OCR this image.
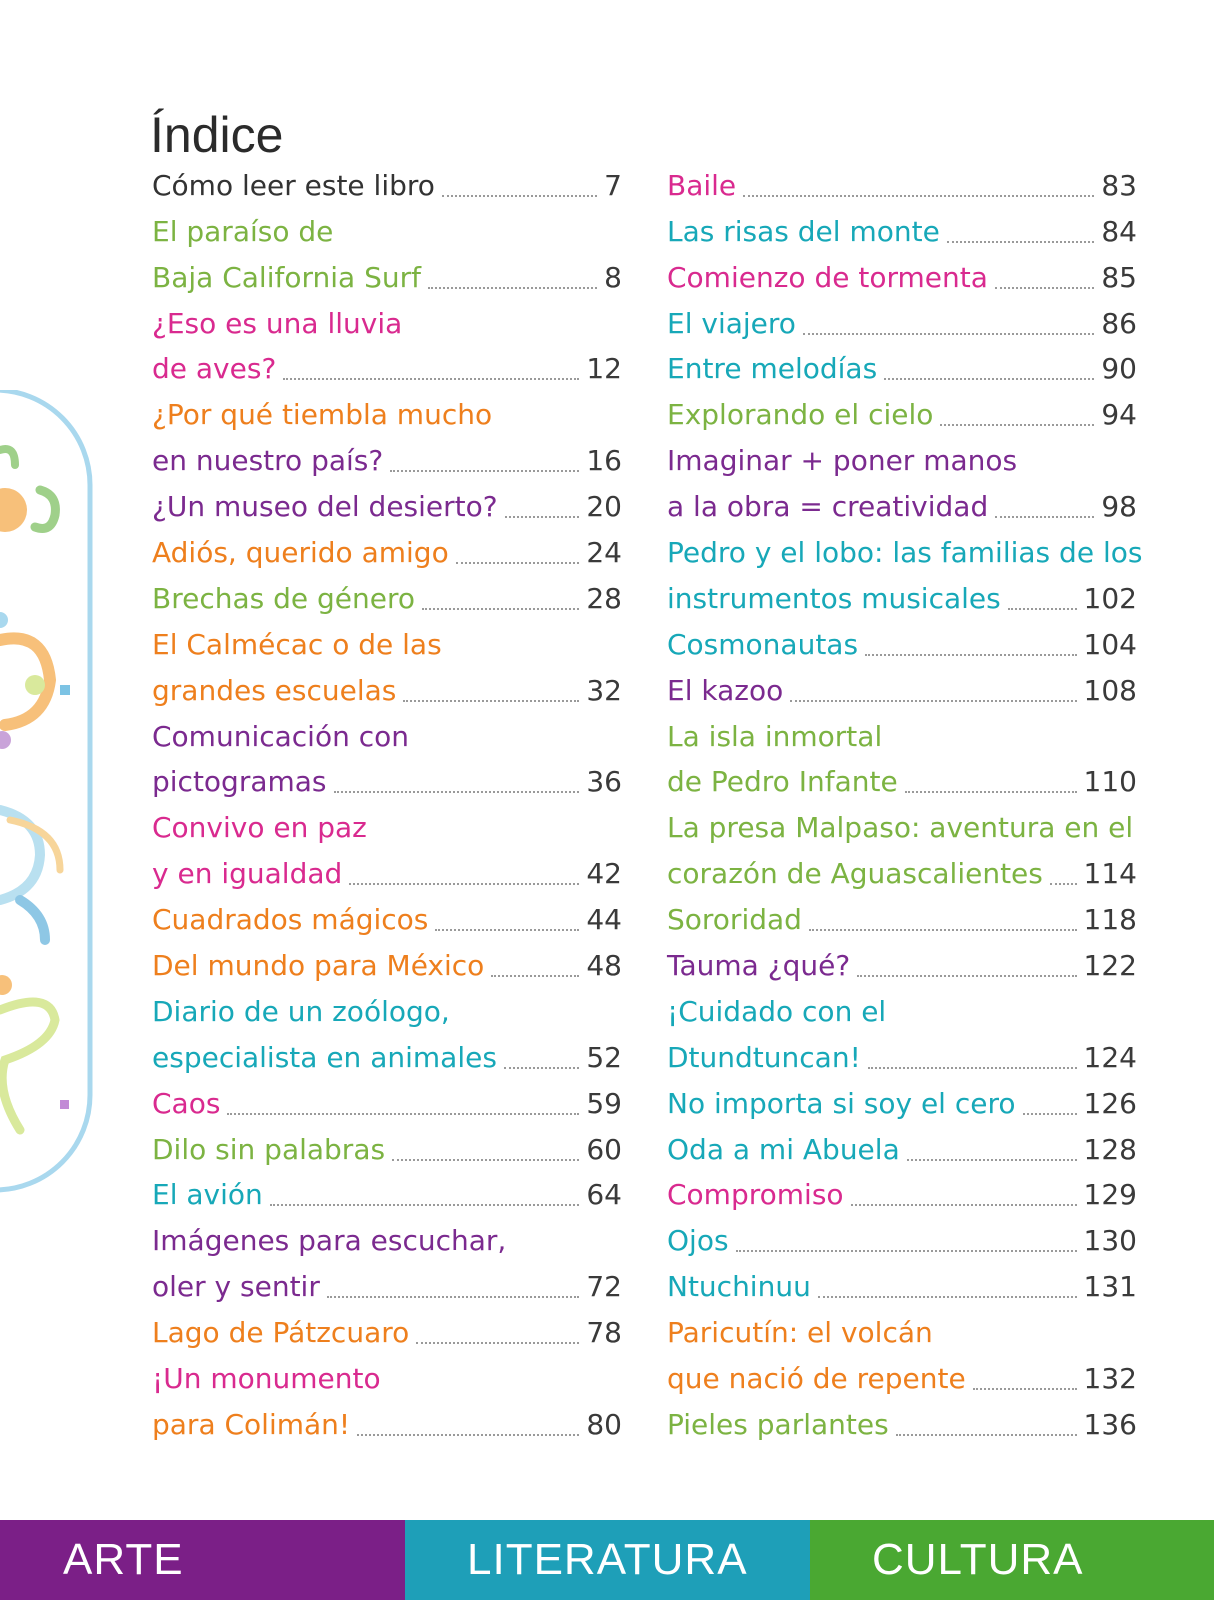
Índice
Cómo leer este libro	7
El paraíso de
Baja California Surf	8
¿Eso es una lluvia
de aves?	12
¿Por qué tiembla mucho
en nuestro país?	16
¿Un museo del desierto?	20
Adiós, querido amigo	24
Brechas de género	28
El Calmécac o de las
grandes escuelas	32
Comunicación con
pictogramas	36
Convivo en paz
y en igualdad	42
Cuadrados mágicos	44
Del mundo para México	48
Diario de un zoólogo,
especialista en animales	52
Caos	59
Dilo sin palabras	60
El avión	64
Imágenes para escuchar,
oler y sentir	72
Lago de Pátzcuaro	78
¡Un monumento
para Colimán!	80
Baile	83
Las risas del monte	84
Comienzo de tormenta	85
El viajero	86
Entre melodías	90
Explorando el cielo	94
Imaginar + poner manos
a la obra = creatividad	98
Pedro y el lobo: las familias de los
instrumentos musicales	102
Cosmonautas	104
El kazoo	108
La isla inmortal
de Pedro Infante	110
La presa Malpaso: aventura en el
corazón de Aguascalientes 114
Sororidad	118
Tauma ¿qué?	122
¡Cuidado con el
Dtundtuncan!	124
No importa si soy el cero 126
Oda a mi Abuela	128
Compromiso	129
Ojos	130
Ntuchinuu	131
Paricutín: el volcán
que nació de repente	132
Pieles parlantes	136
ARTE	LITERATURA	CULTURA
